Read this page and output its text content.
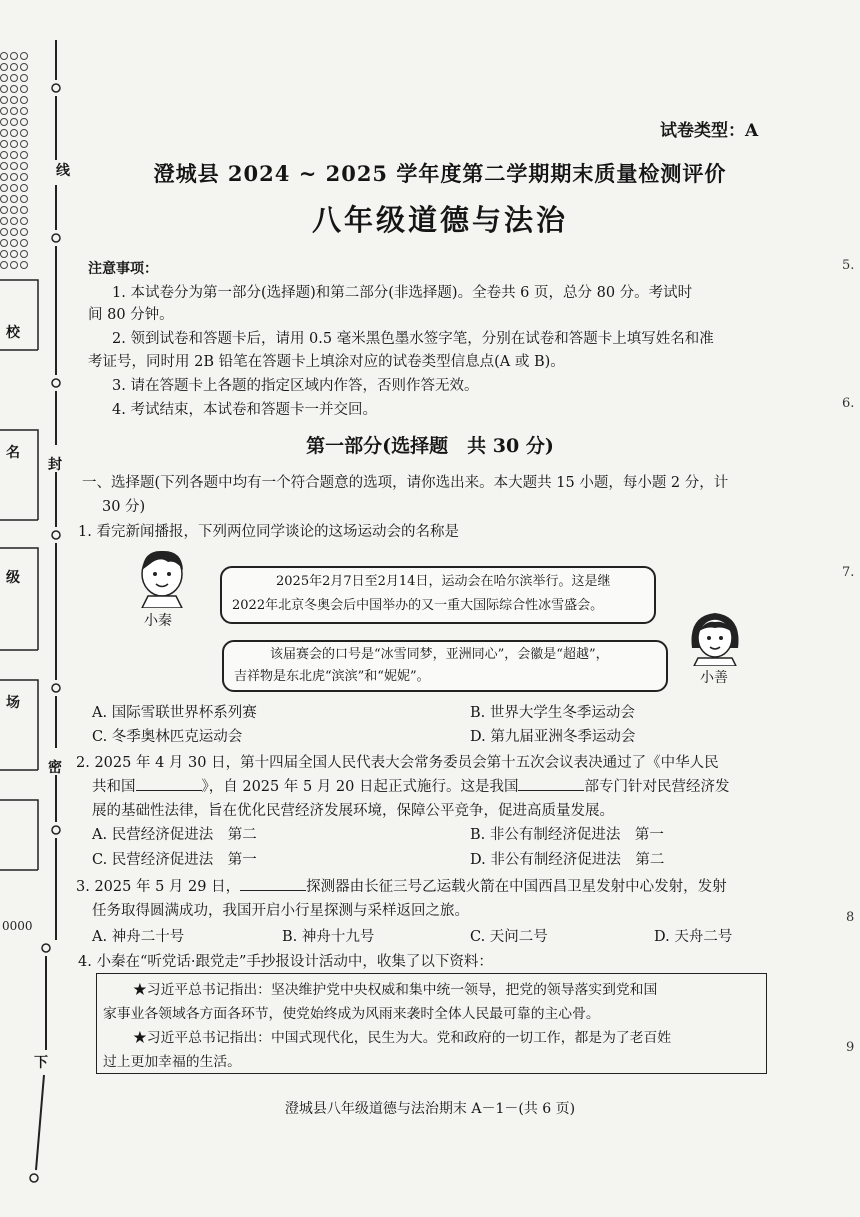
0000
线
封
密
下
校
名
级
场
5.
6.
7.
8
9
试卷类型：A
澄城县 2024 ~ 2025 学年度第二学期期末质量检测评价
八年级道德与法治
注意事项：
1. 本试卷分为第一部分(选择题)和第二部分(非选择题)。全卷共 6 页，总分 80 分。考试时
间 80 分钟。
2. 领到试卷和答题卡后，请用 0.5 毫米黑色墨水签字笔，分别在试卷和答题卡上填写姓名和准
考证号，同时用 2B 铅笔在答题卡上填涂对应的试卷类型信息点(A 或 B)。
3. 请在答题卡上各题的指定区域内作答，否则作答无效。
4. 考试结束，本试卷和答题卡一并交回。
第一部分(选择题　共 30 分)
一、选择题(下列各题中均有一个符合题意的选项，请你选出来。本大题共 15 小题，每小题 2 分，计
30 分)
1. 看完新闻播报，下列两位同学谈论的这场运动会的名称是
小秦
2025年2月7日至2月14日，运动会在哈尔滨举行。这是继
2022年北京冬奥会后中国举办的又一重大国际综合性冰雪盛会。
小善
该届赛会的口号是“冰雪同梦，亚洲同心”，会徽是“超越”，
吉祥物是东北虎“滨滨”和“妮妮”。
A. 国际雪联世界杯系列赛	B. 世界大学生冬季运动会
C. 冬季奥林匹克运动会	D. 第九届亚洲冬季运动会
2. 2025 年 4 月 30 日，第十四届全国人民代表大会常务委员会第十五次会议表决通过了《中华人民
共和国	》，自 2025 年 5 月 20 日起正式施行。这是我国	部专门针对民营经济发
展的基础性法律，旨在优化民营经济发展环境，保障公平竞争，促进高质量发展。
A. 民营经济促进法　第二	B. 非公有制经济促进法　第一
C. 民营经济促进法　第一	D. 非公有制经济促进法　第二
3. 2025 年 5 月 29 日，	探测器由长征三号乙运载火箭在中国西昌卫星发射中心发射，发射
任务取得圆满成功，我国开启小行星探测与采样返回之旅。
A. 神舟二十号	B. 神舟十九号	C. 天问二号	D. 天舟二号
4. 小秦在“听党话·跟党走”手抄报设计活动中，收集了以下资料：
★习近平总书记指出：坚决维护党中央权威和集中统一领导，把党的领导落实到党和国
家事业各领域各方面各环节，使党始终成为风雨来袭时全体人民最可靠的主心骨。
★习近平总书记指出：中国式现代化，民生为大。党和政府的一切工作，都是为了老百姓
过上更加幸福的生活。
澄城县八年级道德与法治期末 A－1－(共 6 页)
